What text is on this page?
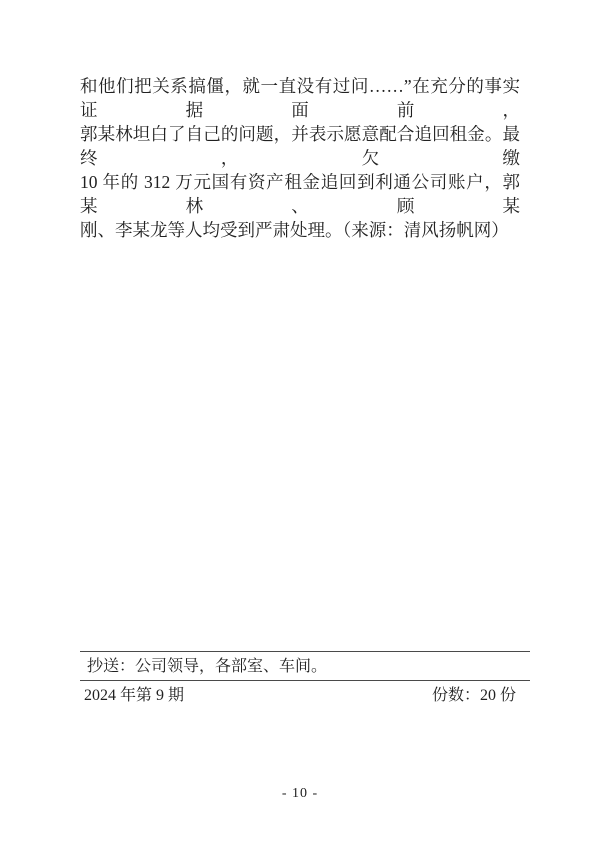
和他们把关系搞僵，就一直没有过问……”在充分的事实证据面前，
郭某林坦白了自己的问题，并表示愿意配合追回租金。最终，欠缴
10 年的 312 万元国有资产租金追回到利通公司账户，郭某林、顾某
刚、李某龙等人均受到严肃处理。（来源：清风扬帆网）
抄送：公司领导，各部室、车间。
2024 年第 9 期	份数：20 份
- 10 -
